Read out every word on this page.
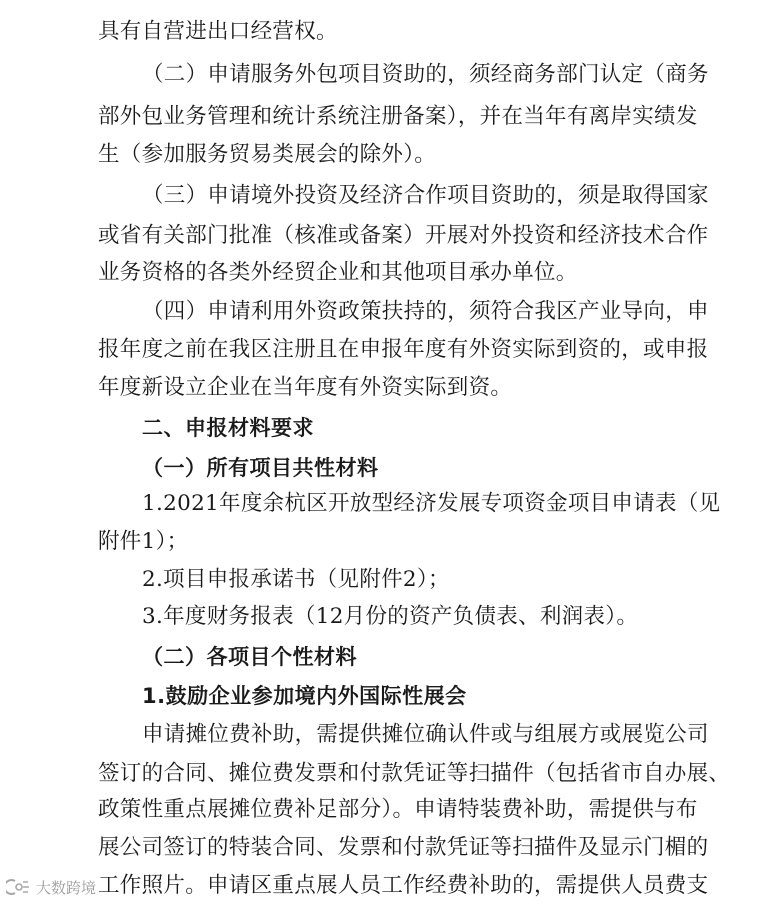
具有自营进出口经营权。
（二）申请服务外包项目资助的，须经商务部门认定（商务
部外包业务管理和统计系统注册备案），并在当年有离岸实绩发
生（参加服务贸易类展会的除外）。
（三）申请境外投资及经济合作项目资助的，须是取得国家
或省有关部门批准（核准或备案）开展对外投资和经济技术合作
业务资格的各类外经贸企业和其他项目承办单位。
（四）申请利用外资政策扶持的，须符合我区产业导向，申
报年度之前在我区注册且在申报年度有外资实际到资的，或申报
年度新设立企业在当年度有外资实际到资。
二、申报材料要求
（一）所有项目共性材料
1.2021年度余杭区开放型经济发展专项资金项目申请表（见
附件1）；
2.项目申报承诺书（见附件2）；
3.年度财务报表（12月份的资产负债表、利润表）。
（二）各项目个性材料
1.鼓励企业参加境内外国际性展会
申请摊位费补助，需提供摊位确认件或与组展方或展览公司
签订的合同、摊位费发票和付款凭证等扫描件（包括省市自办展、
政策性重点展摊位费补足部分）。申请特装费补助，需提供与布
展公司签订的特装合同、发票和付款凭证等扫描件及显示门楣的
工作照片。申请区重点展人员工作经费补助的，需提供人员费支
大数跨境
